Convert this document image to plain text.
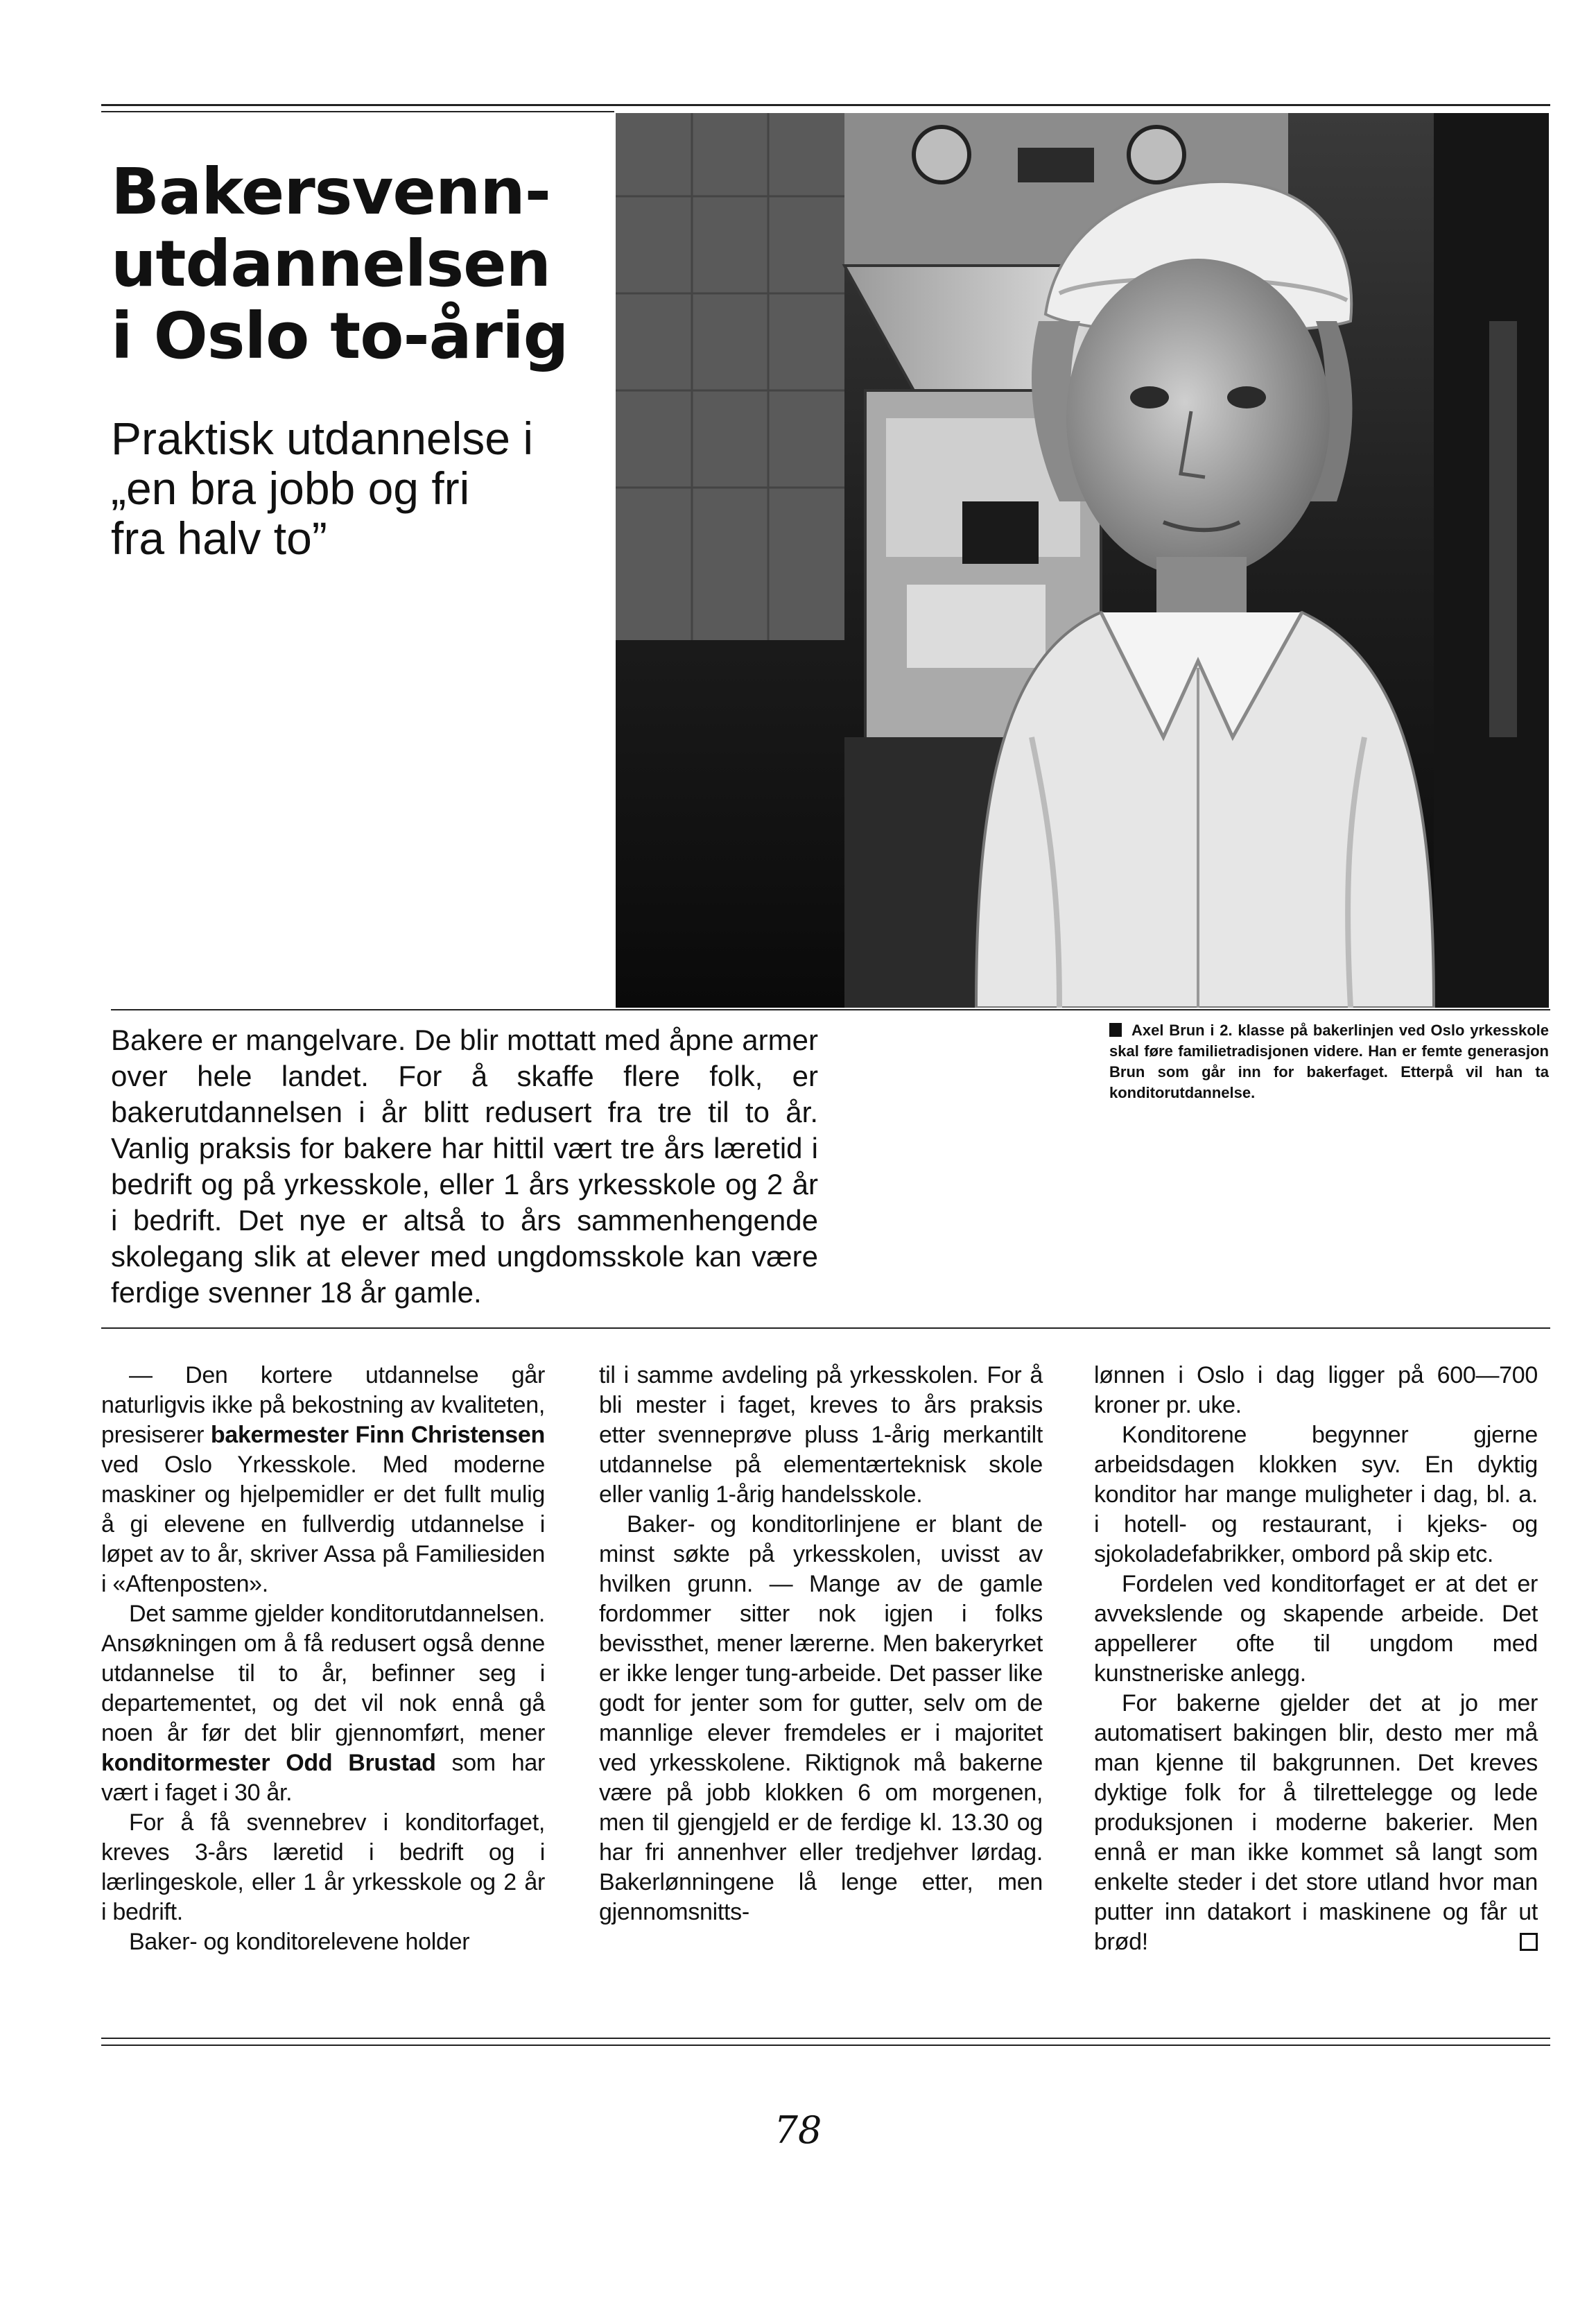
Bakersvenn-
utdannelsen
i Oslo to-årig
Praktisk utdannelse i
„en bra jobb og fri
fra halv to”
Bakere er mangelvare. De blir mottatt med åpne armer over hele landet. For å skaffe flere folk, er bakerutdannelsen i år blitt redusert fra tre til to år. Vanlig praksis for bakere har hittil vært tre års læretid i bedrift og på yrkesskole, eller 1 års yrkesskole og 2 år i bedrift. Det nye er altså to års sammenhengende skolegang slik at elever med ungdomsskole kan være ferdige svenner 18 år gamle.
Axel Brun i 2. klasse på bakerlinjen ved Oslo yrkesskole skal føre familietradisjonen videre. Han er femte generasjon Brun som går inn for bakerfaget. Etterpå vil han ta konditorutdannelse.

— Den kortere utdannelse går naturligvis ikke på bekostning av kvaliteten, presiserer bakermester Finn Christensen ved Oslo Yrkesskole. Med moderne maskiner og hjelpemidler er det fullt mulig å gi elevene en fullverdig utdannelse i løpet av to år, skriver Assa på Familiesiden i «Aftenposten».

Det samme gjelder konditorutdannelsen. Ansøkningen om å få redusert også denne utdannelse til to år, befinner seg i departementet, og det vil nok ennå gå noen år før det blir gjennomført, mener konditormester Odd Brustad som har vært i faget i 30 år.

For å få svennebrev i konditorfaget, kreves 3-års læretid i bedrift og i lærlingeskole, eller 1 år yrkesskole og 2 år i bedrift.

Baker- og konditorelevene holder

til i samme avdeling på yrkesskolen. For å bli mester i faget, kreves to års praksis etter svenneprøve pluss 1-årig merkantilt utdannelse på elementærteknisk skole eller vanlig 1-årig handelsskole.

Baker- og konditorlinjene er blant de minst søkte på yrkesskolen, uvisst av hvilken grunn. — Mange av de gamle fordommer sitter nok igjen i folks bevissthet, mener lærerne. Men bakeryrket er ikke lenger tung-arbeide. Det passer like godt for jenter som for gutter, selv om de mannlige elever fremdeles er i majoritet ved yrkesskolene. Riktignok må bakerne være på jobb klokken 6 om morgenen, men til gjengjeld er de ferdige kl. 13.30 og har fri annenhver eller tredjehver lørdag. Bakerlønningene lå lenge etter, men gjennomsnitts-

lønnen i Oslo i dag ligger på 600—700 kroner pr. uke.

Konditorene begynner gjerne arbeidsdagen klokken syv. En dyktig konditor har mange muligheter i dag, bl. a. i hotell- og restaurant, i kjeks- og sjokoladefabrikker, ombord på skip etc.

Fordelen ved konditorfaget er at det er avvekslende og skapende arbeide. Det appellerer ofte til ungdom med kunstneriske anlegg.

For bakerne gjelder det at jo mer automatisert bakingen blir, desto mer må man kjenne til bakgrunnen. Det kreves dyktige folk for å tilrettelegge og lede produksjonen i moderne bakerier. Men ennå er man ikke kommet så langt som enkelte steder i det store utland hvor man putter inn datakort i maskinene og får ut brød!

78
